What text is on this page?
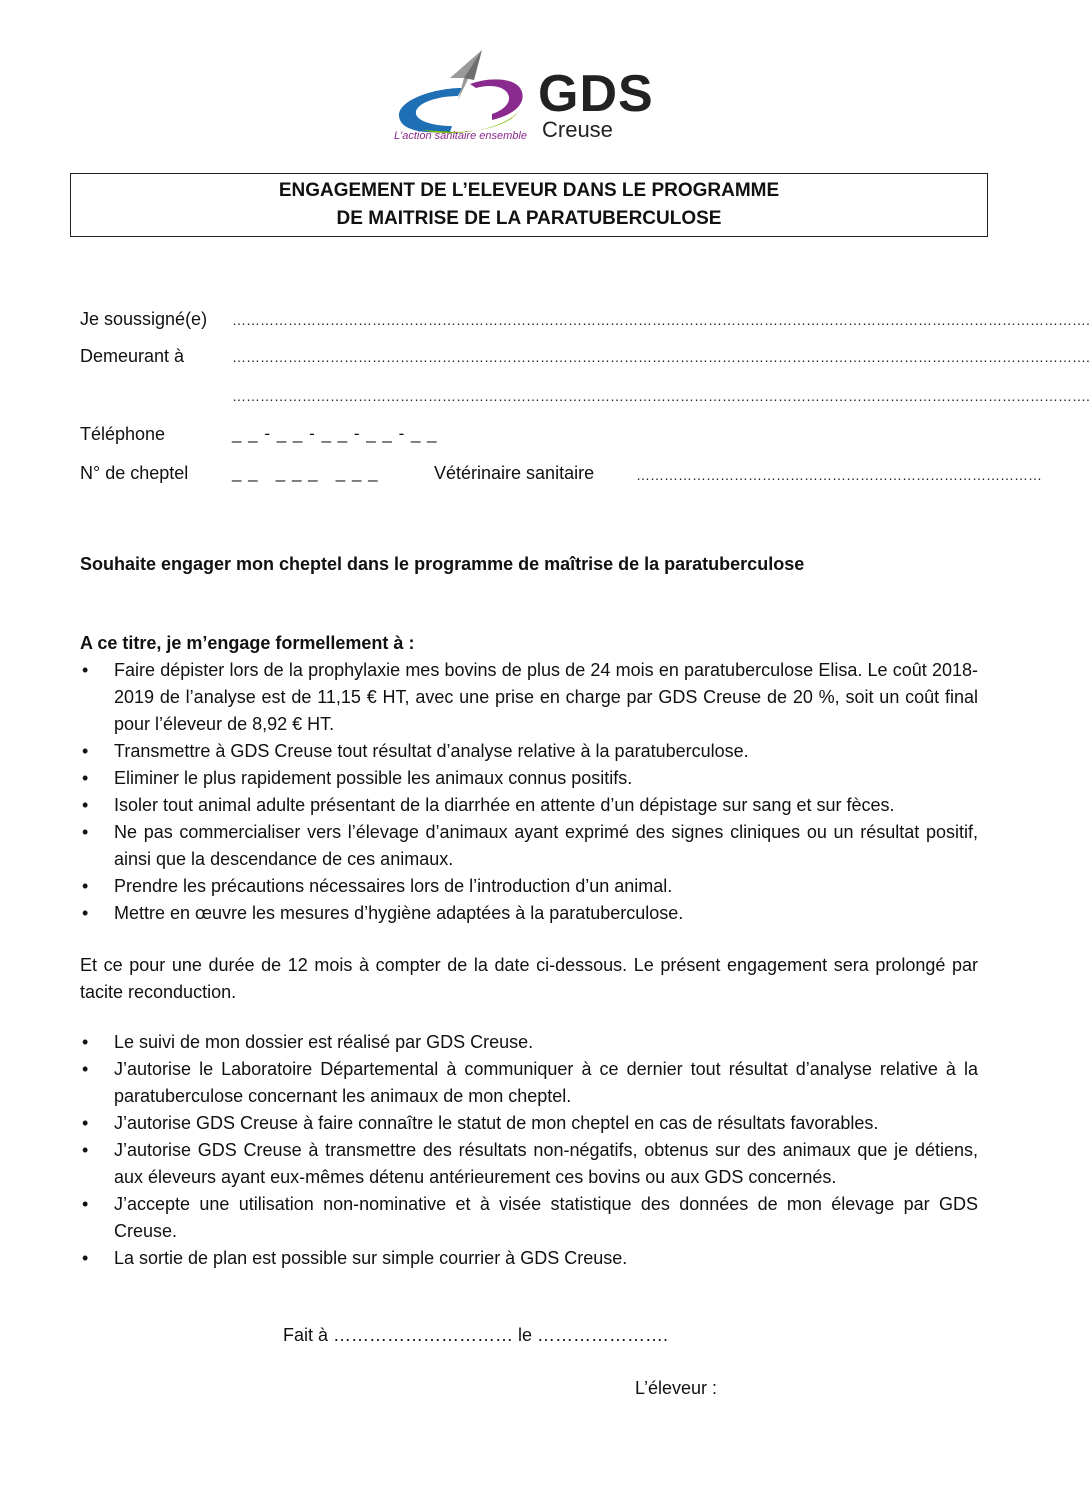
GDS
Creuse
L'action sanitaire ensemble
ENGAGEMENT DE L’ELEVEUR DANS LE PROGRAMME
DE MAITRISE DE LA PARATUBERCULOSE
Je soussigné(e) ………………………………………………………………………………………………………………………………………………………………….
Demeurant à	………………………………………………………………………………………………………………………………………………………………….
………………………………………………………………………………………………………………………………………………………………….
Téléphone	_ _ - _ _ - _ _ - _ _ - _ _
N° de cheptel	_ _   _ _ _   _ _ _	Vétérinaire sanitaire	……………………………………………………………………………
Souhaite engager mon cheptel dans le programme de maîtrise de la paratuberculose
A ce titre, je m’engage formellement à :
• Faire dépister lors de la prophylaxie mes bovins de plus de 24 mois en paratuberculose Elisa. Le coût 2018-2019 de l’analyse est de 11,15 € HT, avec une prise en charge par GDS Creuse de 20 %, soit un coût final pour l’éleveur de 8,92 € HT.
• Transmettre à GDS Creuse tout résultat d’analyse relative à la paratuberculose.
• Eliminer le plus rapidement possible les animaux connus positifs.
• Isoler tout animal adulte présentant de la diarrhée en attente d’un dépistage sur sang et sur fèces.
• Ne pas commercialiser vers l’élevage d’animaux ayant exprimé des signes cliniques ou un résultat positif, ainsi que la descendance de ces animaux.
• Prendre les précautions nécessaires lors de l’introduction d’un animal.
• Mettre en œuvre les mesures d’hygiène adaptées à la paratuberculose.
Et ce pour une durée de 12 mois à compter de la date ci-dessous. Le présent engagement sera prolongé par tacite reconduction.
• Le suivi de mon dossier est réalisé par GDS Creuse.
• J’autorise le Laboratoire Départemental à communiquer à ce dernier tout résultat d’analyse relative à la paratuberculose concernant les animaux de mon cheptel.
• J’autorise GDS Creuse à faire connaître le statut de mon cheptel en cas de résultats favorables.
• J’autorise GDS Creuse à transmettre des résultats non-négatifs, obtenus sur des animaux que je détiens, aux éleveurs ayant eux-mêmes détenu antérieurement ces bovins ou aux GDS concernés.
• J’accepte une utilisation non-nominative et à visée statistique des données de mon élevage par GDS Creuse.
• La sortie de plan est possible sur simple courrier à GDS Creuse.
Fait à ………………………… le ………………….
L’éleveur :
